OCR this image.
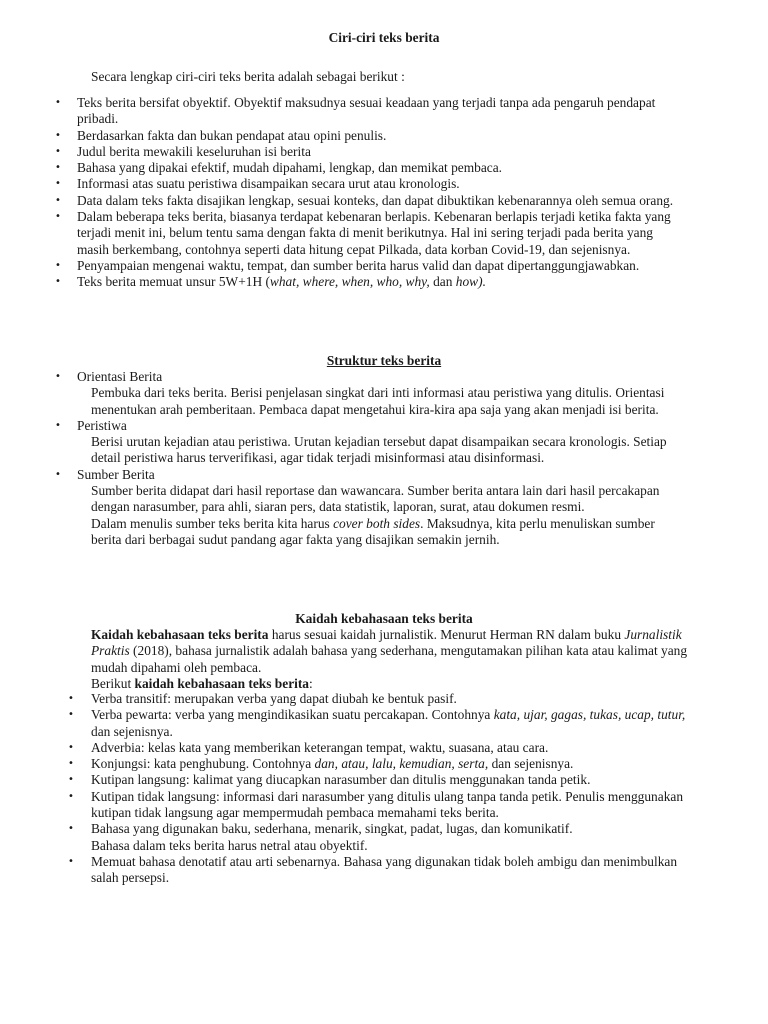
Ciri-ciri teks berita
Secara lengkap ciri-ciri teks berita adalah sebagai berikut :
• Teks berita bersifat obyektif. Obyektif maksudnya sesuai keadaan yang terjadi tanpa ada pengaruh pendapat pribadi.
• Berdasarkan fakta dan bukan pendapat atau opini penulis.
• Judul berita mewakili keseluruhan isi berita
• Bahasa yang dipakai efektif, mudah dipahami, lengkap, dan memikat pembaca.
• Informasi atas suatu peristiwa disampaikan secara urut atau kronologis.
• Data dalam teks fakta disajikan lengkap, sesuai konteks, dan dapat dibuktikan kebenarannya oleh semua orang.
• Dalam beberapa teks berita, biasanya terdapat kebenaran berlapis. Kebenaran berlapis terjadi ketika fakta yang terjadi menit ini, belum tentu sama dengan fakta di menit berikutnya. Hal ini sering terjadi pada berita yang masih berkembang, contohnya seperti data hitung cepat Pilkada, data korban Covid-19, dan sejenisnya.
• Penyampaian mengenai waktu, tempat, dan sumber berita harus valid dan dapat dipertanggungjawabkan.
• Teks berita memuat unsur 5W+1H (what, where, when, who, why, dan how).
Struktur teks berita
• Orientasi Berita
Pembuka dari teks berita. Berisi penjelasan singkat dari inti informasi atau peristiwa yang ditulis. Orientasi menentukan arah pemberitaan. Pembaca dapat mengetahui kira-kira apa saja yang akan menjadi isi berita.
• Peristiwa
Berisi urutan kejadian atau peristiwa. Urutan kejadian tersebut dapat disampaikan secara kronologis. Setiap detail peristiwa harus terverifikasi, agar tidak terjadi misinformasi atau disinformasi.
• Sumber Berita
Sumber berita didapat dari hasil reportase dan wawancara. Sumber berita antara lain dari hasil percakapan dengan narasumber, para ahli, siaran pers, data statistik, laporan, surat, atau dokumen resmi.
Dalam menulis sumber teks berita kita harus cover both sides. Maksudnya, kita perlu menuliskan sumber berita dari berbagai sudut pandang agar fakta yang disajikan semakin jernih.
Kaidah kebahasaan teks berita
Kaidah kebahasaan teks berita harus sesuai kaidah jurnalistik. Menurut Herman RN dalam buku Jurnalistik Praktis (2018), bahasa jurnalistik adalah bahasa yang sederhana, mengutamakan pilihan kata atau kalimat yang mudah dipahami oleh pembaca.
Berikut kaidah kebahasaan teks berita:
• Verba transitif: merupakan verba yang dapat diubah ke bentuk pasif.
• Verba pewarta: verba yang mengindikasikan suatu percakapan. Contohnya kata, ujar, gagas, tukas, ucap, tutur, dan sejenisnya.
• Adverbia: kelas kata yang memberikan keterangan tempat, waktu, suasana, atau cara.
• Konjungsi: kata penghubung. Contohnya dan, atau, lalu, kemudian, serta, dan sejenisnya.
• Kutipan langsung: kalimat yang diucapkan narasumber dan ditulis menggunakan tanda petik.
• Kutipan tidak langsung: informasi dari narasumber yang ditulis ulang tanpa tanda petik. Penulis menggunakan kutipan tidak langsung agar mempermudah pembaca memahami teks berita.
• Bahasa yang digunakan baku, sederhana, menarik, singkat, padat, lugas, dan komunikatif.
Bahasa dalam teks berita harus netral atau obyektif.
• Memuat bahasa denotatif atau arti sebenarnya. Bahasa yang digunakan tidak boleh ambigu dan menimbulkan salah persepsi.
